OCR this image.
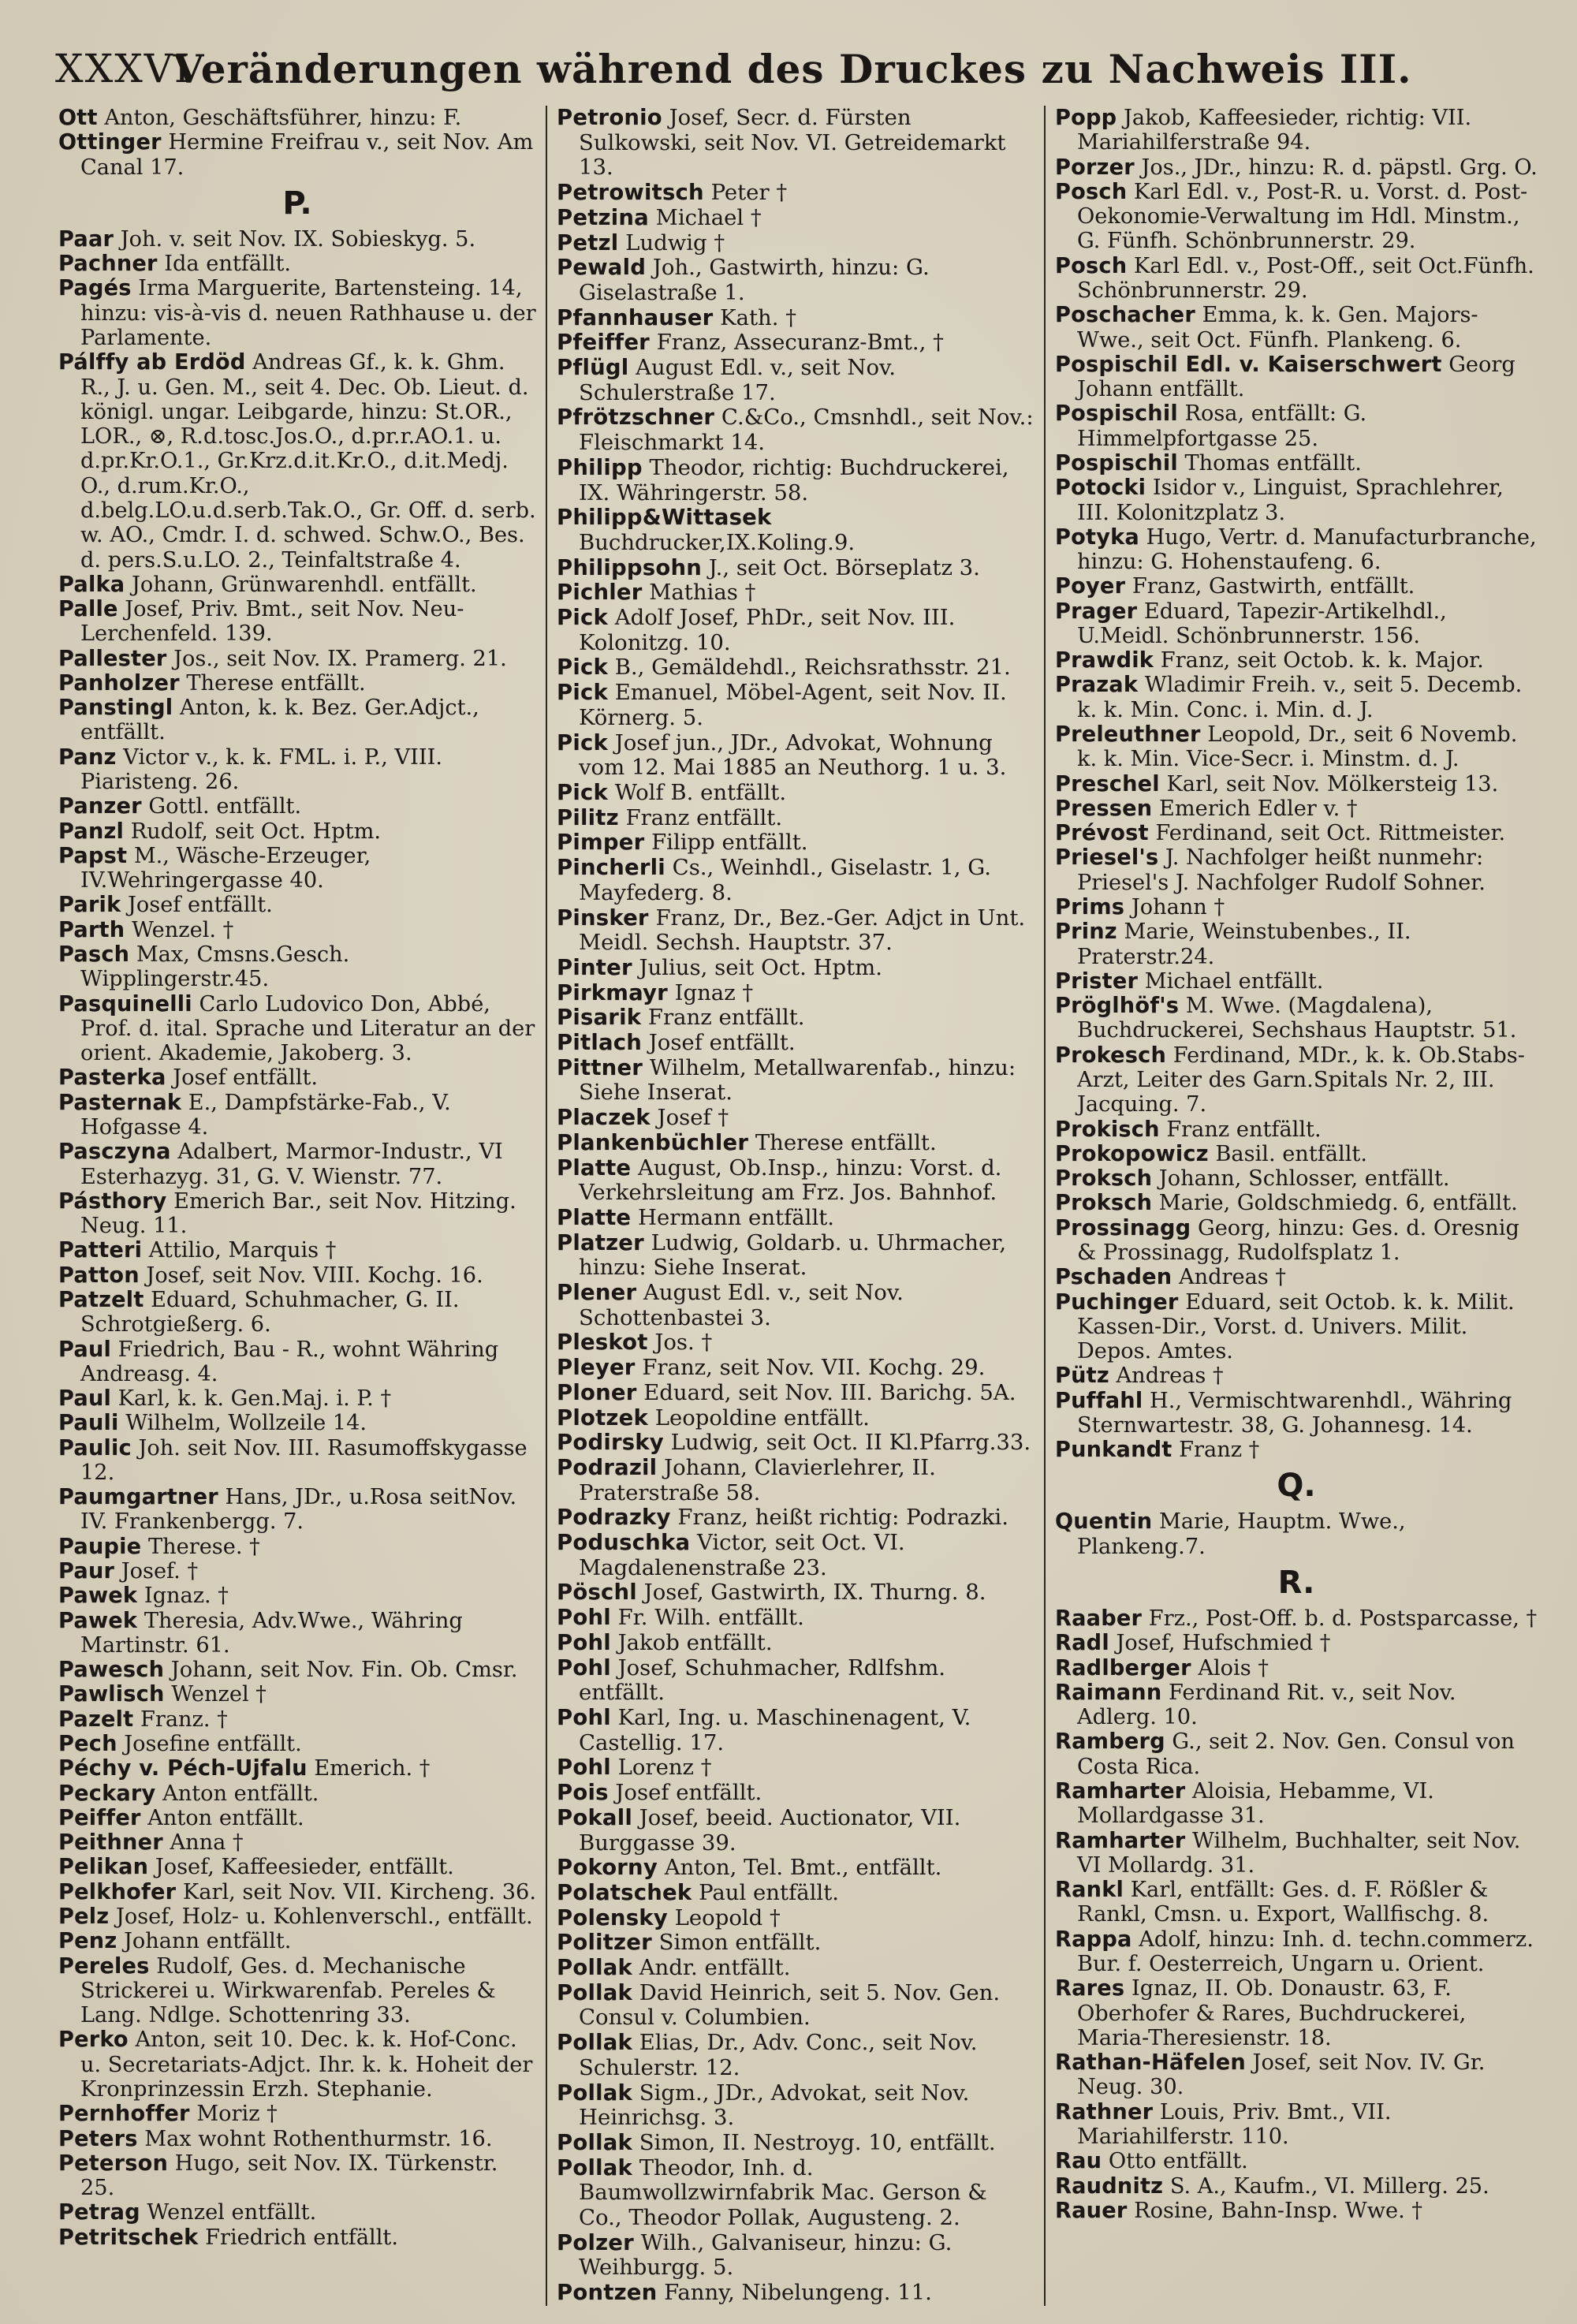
XXXVI
Veränderungen während des Druckes zu Nachweis III.

Ott Anton, Geschäftsführer, hinzu: F.

Ottinger Hermine Freifrau v., seit Nov. Am Canal 17.

P.

Paar Joh. v. seit Nov. IX. Sobieskyg. 5.

Pachner Ida entfällt.

Pagés Irma Marguerite, Bartensteing. 14, hinzu: vis-à-vis d. neuen Rathhause u. der Parlamente.

Pálffy ab Erdöd Andreas Gf., k. k. Ghm. R., J. u. Gen. M., seit 4. Dec. Ob. Lieut. d. königl. ungar. Leibgarde, hinzu: St.OR., LOR., ⊗, R.d.tosc.Jos.O., d.pr.r.AO.1. u. d.pr.Kr.O.1., Gr.Krz.d.it.Kr.O., d.it.Medj. O., d.rum.Kr.O., d.belg.LO.u.d.serb.Tak.O., Gr. Off. d. serb. w. AO., Cmdr. I. d. schwed. Schw.O., Bes. d. pers.S.u.LO. 2., Teinfaltstraße 4.

Palka Johann, Grünwarenhdl. entfällt.

Palle Josef, Priv. Bmt., seit Nov. Neu-Lerchenfeld. 139.

Pallester Jos., seit Nov. IX. Pramerg. 21.

Panholzer Therese entfällt.

Panstingl Anton, k. k. Bez. Ger.Adjct., entfällt.

Panz Victor v., k. k. FML. i. P., VIII. Piaristeng. 26.

Panzer Gottl. entfällt.

Panzl Rudolf, seit Oct. Hptm.

Papst M., Wäsche-Erzeuger, IV.Wehringergasse 40.

Parik Josef entfällt.

Parth Wenzel. †

Pasch Max, Cmsns.Gesch. Wipplingerstr.45.

Pasquinelli Carlo Ludovico Don, Abbé, Prof. d. ital. Sprache und Literatur an der orient. Akademie, Jakoberg. 3.

Pasterka Josef entfällt.

Pasternak E., Dampfstärke-Fab., V. Hofgasse 4.

Pasczyna Adalbert, Marmor-Industr., VI Esterhazyg. 31, G. V. Wienstr. 77.

Pásthory Emerich Bar., seit Nov. Hitzing. Neug. 11.

Patteri Attilio, Marquis †

Patton Josef, seit Nov. VIII. Kochg. 16.

Patzelt Eduard, Schuhmacher, G. II. Schrotgießerg. 6.

Paul Friedrich, Bau - R., wohnt Währing Andreasg. 4.

Paul Karl, k. k. Gen.Maj. i. P. †

Pauli Wilhelm, Wollzeile 14.

Paulic Joh. seit Nov. III. Rasumoffskygasse 12.

Paumgartner Hans, JDr., u.Rosa seitNov. IV. Frankenbergg. 7.

Paupie Therese. †

Paur Josef. †

Pawek Ignaz. †

Pawek Theresia, Adv.Wwe., Währing Martinstr. 61.

Pawesch Johann, seit Nov. Fin. Ob. Cmsr.

Pawlisch Wenzel †

Pazelt Franz. †

Pech Josefine entfällt.

Péchy v. Péch-Ujfalu Emerich. †

Peckary Anton entfällt.

Peiffer Anton entfällt.

Peithner Anna †

Pelikan Josef, Kaffeesieder, entfällt.

Pelkhofer Karl, seit Nov. VII. Kircheng. 36.

Pelz Josef, Holz- u. Kohlenverschl., entfällt.

Penz Johann entfällt.

Pereles Rudolf, Ges. d. Mechanische Strickerei u. Wirkwarenfab. Pereles & Lang. Ndlge. Schottenring 33.

Perko Anton, seit 10. Dec. k. k. Hof-Conc. u. Secretariats-Adjct. Ihr. k. k. Hoheit der Kronprinzessin Erzh. Stephanie.

Pernhoffer Moriz †

Peters Max wohnt Rothenthurmstr. 16.

Peterson Hugo, seit Nov. IX. Türkenstr. 25.

Petrag Wenzel entfällt.

Petritschek Friedrich entfällt.

Petronio Josef, Secr. d. Fürsten Sulkowski, seit Nov. VI. Getreidemarkt 13.

Petrowitsch Peter †

Petzina Michael †

Petzl Ludwig †

Pewald Joh., Gastwirth, hinzu: G. Giselastraße 1.

Pfannhauser Kath. †

Pfeiffer Franz, Assecuranz-Bmt., †

Pflügl August Edl. v., seit Nov. Schulerstraße 17.

Pfrötzschner C.&Co., Cmsnhdl., seit Nov.: Fleischmarkt 14.

Philipp Theodor, richtig: Buchdruckerei, IX. Währingerstr. 58.

Philipp&Wittasek Buchdrucker,IX.Koling.9.

Philippsohn J., seit Oct. Börseplatz 3.

Pichler Mathias †

Pick Adolf Josef, PhDr., seit Nov. III. Kolonitzg. 10.

Pick B., Gemäldehdl., Reichsrathsstr. 21.

Pick Emanuel, Möbel-Agent, seit Nov. II. Körnerg. 5.

Pick Josef jun., JDr., Advokat, Wohnung vom 12. Mai 1885 an Neuthorg. 1 u. 3.

Pick Wolf B. entfällt.

Pilitz Franz entfällt.

Pimper Filipp entfällt.

Pincherli Cs., Weinhdl., Giselastr. 1, G. Mayfederg. 8.

Pinsker Franz, Dr., Bez.-Ger. Adjct in Unt. Meidl. Sechsh. Hauptstr. 37.

Pinter Julius, seit Oct. Hptm.

Pirkmayr Ignaz †

Pisarik Franz entfällt.

Pitlach Josef entfällt.

Pittner Wilhelm, Metallwarenfab., hinzu: Siehe Inserat.

Placzek Josef †

Plankenbüchler Therese entfällt.

Platte August, Ob.Insp., hinzu: Vorst. d. Verkehrsleitung am Frz. Jos. Bahnhof.

Platte Hermann entfällt.

Platzer Ludwig, Goldarb. u. Uhrmacher, hinzu: Siehe Inserat.

Plener August Edl. v., seit Nov. Schottenbastei 3.

Pleskot Jos. †

Pleyer Franz, seit Nov. VII. Kochg. 29.

Ploner Eduard, seit Nov. III. Barichg. 5A.

Plotzek Leopoldine entfällt.

Podirsky Ludwig, seit Oct. II Kl.Pfarrg.33.

Podrazil Johann, Clavierlehrer, II. Praterstraße 58.

Podrazky Franz, heißt richtig: Podrazki.

Poduschka Victor, seit Oct. VI. Magdalenenstraße 23.

Pöschl Josef, Gastwirth, IX. Thurng. 8.

Pohl Fr. Wilh. entfällt.

Pohl Jakob entfällt.

Pohl Josef, Schuhmacher, Rdlfshm. entfällt.

Pohl Karl, Ing. u. Maschinenagent, V. Castellig. 17.

Pohl Lorenz †

Pois Josef entfällt.

Pokall Josef, beeid. Auctionator, VII. Burggasse 39.

Pokorny Anton, Tel. Bmt., entfällt.

Polatschek Paul entfällt.

Polensky Leopold †

Politzer Simon entfällt.

Pollak Andr. entfällt.

Pollak David Heinrich, seit 5. Nov. Gen. Consul v. Columbien.

Pollak Elias, Dr., Adv. Conc., seit Nov. Schulerstr. 12.

Pollak Sigm., JDr., Advokat, seit Nov. Heinrichsg. 3.

Pollak Simon, II. Nestroyg. 10, entfällt.

Pollak Theodor, Inh. d. Baumwollzwirnfabrik Mac. Gerson & Co., Theodor Pollak, Augusteng. 2.

Polzer Wilh., Galvaniseur, hinzu: G. Weihburgg. 5.

Pontzen Fanny, Nibelungeng. 11.

Popp Jakob, Kaffeesieder, richtig: VII. Mariahilferstraße 94.

Porzer Jos., JDr., hinzu: R. d. päpstl. Grg. O.

Posch Karl Edl. v., Post-R. u. Vorst. d. Post-Oekonomie-Verwaltung im Hdl. Minstm., G. Fünfh. Schönbrunnerstr. 29.

Posch Karl Edl. v., Post-Off., seit Oct.Fünfh. Schönbrunnerstr. 29.

Poschacher Emma, k. k. Gen. Majors-Wwe., seit Oct. Fünfh. Plankeng. 6.

Pospischil Edl. v. Kaiserschwert Georg Johann entfällt.

Pospischil Rosa, entfällt: G. Himmelpfortgasse 25.

Pospischil Thomas entfällt.

Potocki Isidor v., Linguist, Sprachlehrer, III. Kolonitzplatz 3.

Potyka Hugo, Vertr. d. Manufacturbranche, hinzu: G. Hohenstaufeng. 6.

Poyer Franz, Gastwirth, entfällt.

Prager Eduard, Tapezir-Artikelhdl., U.Meidl. Schönbrunnerstr. 156.

Prawdik Franz, seit Octob. k. k. Major.

Prazak Wladimir Freih. v., seit 5. Decemb. k. k. Min. Conc. i. Min. d. J.

Preleuthner Leopold, Dr., seit 6 Novemb. k. k. Min. Vice-Secr. i. Minstm. d. J.

Preschel Karl, seit Nov. Mölkersteig 13.

Pressen Emerich Edler v. †

Prévost Ferdinand, seit Oct. Rittmeister.

Priesel's J. Nachfolger heißt nunmehr: Priesel's J. Nachfolger Rudolf Sohner.

Prims Johann †

Prinz Marie, Weinstubenbes., II. Praterstr.24.

Prister Michael entfällt.

Pröglhöf's M. Wwe. (Magdalena), Buchdruckerei, Sechshaus Hauptstr. 51.

Prokesch Ferdinand, MDr., k. k. Ob.Stabs-Arzt, Leiter des Garn.Spitals Nr. 2, III. Jacquing. 7.

Prokisch Franz entfällt.

Prokopowicz Basil. entfällt.

Proksch Johann, Schlosser, entfällt.

Proksch Marie, Goldschmiedg. 6, entfällt.

Prossinagg Georg, hinzu: Ges. d. Oresnig & Prossinagg, Rudolfsplatz 1.

Pschaden Andreas †

Puchinger Eduard, seit Octob. k. k. Milit. Kassen-Dir., Vorst. d. Univers. Milit. Depos. Amtes.

Pütz Andreas †

Puffahl H., Vermischtwarenhdl., Währing Sternwartestr. 38, G. Johannesg. 14.

Punkandt Franz †

Q.

Quentin Marie, Hauptm. Wwe., Plankeng.7.

R.

Raaber Frz., Post-Off. b. d. Postsparcasse, †

Radl Josef, Hufschmied †

Radlberger Alois †

Raimann Ferdinand Rit. v., seit Nov. Adlerg. 10.

Ramberg G., seit 2. Nov. Gen. Consul von Costa Rica.

Ramharter Aloisia, Hebamme, VI. Mollardgasse 31.

Ramharter Wilhelm, Buchhalter, seit Nov. VI Mollardg. 31.

Rankl Karl, entfällt: Ges. d. F. Rößler & Rankl, Cmsn. u. Export, Wallfischg. 8.

Rappa Adolf, hinzu: Inh. d. techn.commerz. Bur. f. Oesterreich, Ungarn u. Orient.

Rares Ignaz, II. Ob. Donaustr. 63, F. Oberhofer & Rares, Buchdruckerei, Maria-Theresienstr. 18.

Rathan-Häfelen Josef, seit Nov. IV. Gr. Neug. 30.

Rathner Louis, Priv. Bmt., VII. Mariahilferstr. 110.

Rau Otto entfällt.

Raudnitz S. A., Kaufm., VI. Millerg. 25.

Rauer Rosine, Bahn-Insp. Wwe. †
